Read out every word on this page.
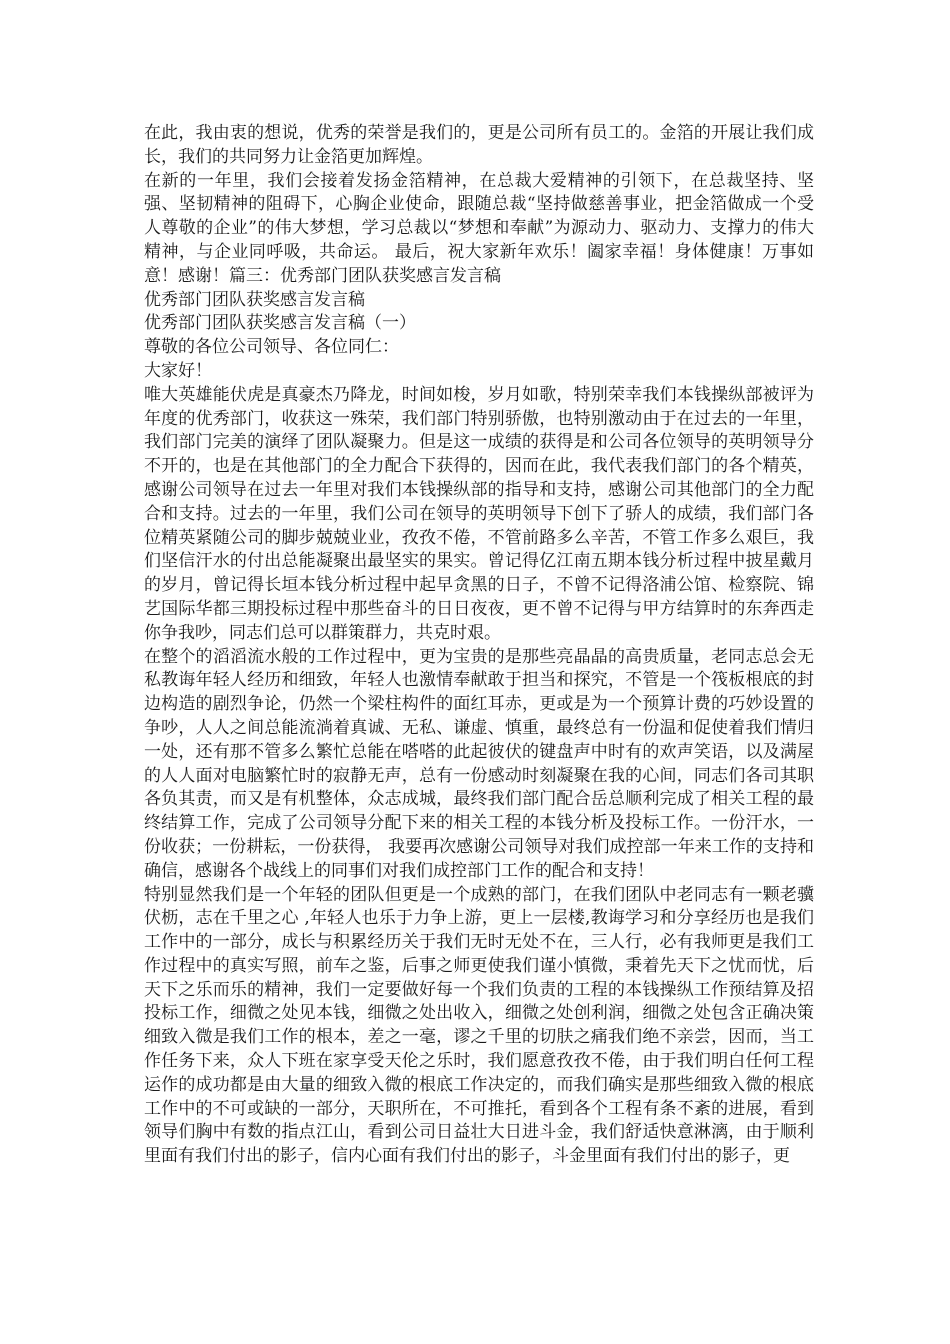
在此，我由衷的想说，优秀的荣誉是我们的，更是公司所有员工的。金箔的开展让我们成长，我们的共同努力让金箔更加辉煌。

在新的一年里，我们会接着发扬金箔精神，在总裁大爱精神的引领下，在总裁坚持、坚强、坚韧精神的阻碍下，心胸企业使命，跟随总裁“坚持做慈善事业，把金箔做成一个受人尊敬的企业”的伟大梦想，学习总裁以“梦想和奉献”为源动力、驱动力、支撑力的伟大精神，与企业同呼吸，共命运。 最后，祝大家新年欢乐！阖家幸福！身体健康！万事如意！感谢！篇三：优秀部门团队获奖感言发言稿

优秀部门团队获奖感言发言稿

优秀部门团队获奖感言发言稿（一）

尊敬的各位公司领导、各位同仁：

大家好！

唯大英雄能伏虎是真豪杰乃降龙，时间如梭，岁月如歌，特别荣幸我们本钱操纵部被评为年度的优秀部门，收获这一殊荣，我们部门特别骄傲，也特别激动由于在过去的一年里，我们部门完美的演绎了团队凝聚力。但是这一成绩的获得是和公司各位领导的英明领导分不开的，也是在其他部门的全力配合下获得的，因而在此，我代表我们部门的各个精英，感谢公司领导在过去一年里对我们本钱操纵部的指导和支持，感谢公司其他部门的全力配合和支持。过去的一年里，我们公司在领导的英明领导下创下了骄人的成绩，我们部门各位精英紧随公司的脚步兢兢业业，孜孜不倦，不管前路多么辛苦，不管工作多么艰巨，我们坚信汗水的付出总能凝聚出最坚实的果实。曾记得亿江南五期本钱分析过程中披星戴月的岁月，曾记得长垣本钱分析过程中起早贪黑的日子，不曾不记得洛浦公馆、检察院、锦艺国际华都三期投标过程中那些奋斗的日日夜夜，更不曾不记得与甲方结算时的东奔西走你争我吵，同志们总可以群策群力，共克时艰。

在整个的滔滔流水般的工作过程中，更为宝贵的是那些亮晶晶的高贵质量，老同志总会无私教诲年轻人经历和细致，年轻人也激情奉献敢于担当和探究，不管是一个筏板根底的封边构造的剧烈争论，仍然一个梁柱构件的面红耳赤，更或是为一个预算计费的巧妙设置的争吵，人人之间总能流淌着真诚、无私、谦虚、慎重，最终总有一份温和促使着我们情归一处，还有那不管多么繁忙总能在嗒嗒的此起彼伏的键盘声中时有的欢声笑语，以及满屋的人人面对电脑繁忙时的寂静无声，总有一份感动时刻凝聚在我的心间，同志们各司其职各负其责，而又是有机整体，众志成城，最终我们部门配合岳总顺利完成了相关工程的最终结算工作，完成了公司领导分配下来的相关工程的本钱分析及投标工作。一份汗水，一份收获；一份耕耘，一份获得， 我要再次感谢公司领导对我们成控部一年来工作的支持和确信，感谢各个战线上的同事们对我们成控部门工作的配合和支持！

特别显然我们是一个年轻的团队但更是一个成熟的部门，在我们团队中老同志有一颗老骥伏枥，志在千里之心 ,年轻人也乐于力争上游，更上一层楼,教诲学习和分享经历也是我们工作中的一部分，成长与积累经历关于我们无时无处不在，三人行，必有我师更是我们工作过程中的真实写照，前车之鉴，后事之师更使我们谨小慎微，秉着先天下之忧而忧，后天下之乐而乐的精神，我们一定要做好每一个我们负责的工程的本钱操纵工作预结算及招投标工作，细微之处见本钱，细微之处出收入，细微之处创利润，细微之处包含正确决策细致入微是我们工作的根本，差之一毫，谬之千里的切肤之痛我们绝不亲尝，因而，当工作任务下来，众人下班在家享受天伦之乐时，我们愿意孜孜不倦，由于我们明白任何工程运作的成功都是由大量的细致入微的根底工作决定的，而我们确实是那些细致入微的根底工作中的不可或缺的一部分，天职所在，不可推托，看到各个工程有条不紊的进展，看到领导们胸中有数的指点江山，看到公司日益壮大日进斗金，我们舒适快意淋漓，由于顺利里面有我们付出的影子，信内心面有我们付出的影子，斗金里面有我们付出的影子，更
